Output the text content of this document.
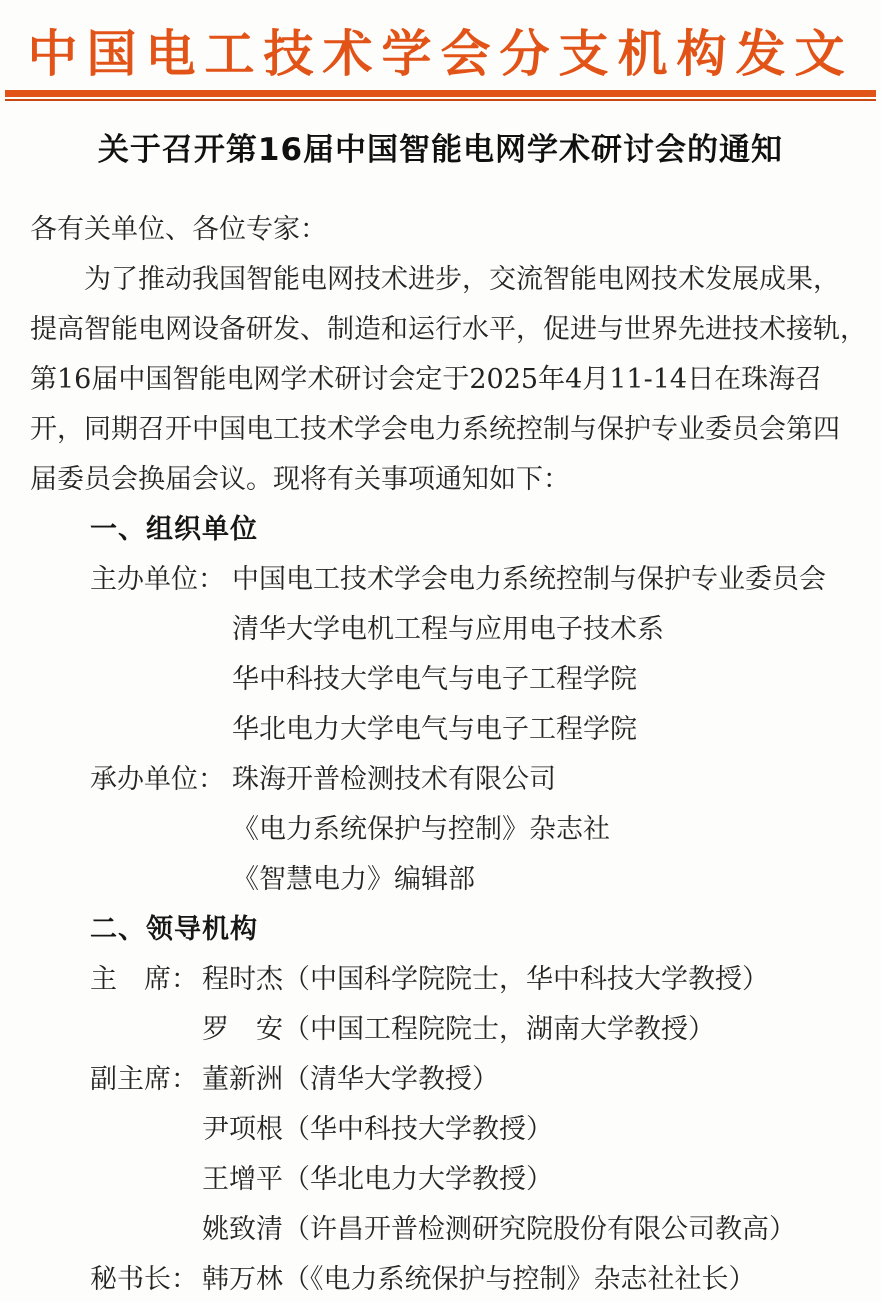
中国电工技术学会分支机构发文
关于召开第16届中国智能电网学术研讨会的通知
各有关单位、各位专家：
为了推动我国智能电网技术进步，交流智能电网技术发展成果，
提高智能电网设备研发、制造和运行水平，促进与世界先进技术接轨，
第16届中国智能电网学术研讨会定于2025年4月11-14日在珠海召
开，同期召开中国电工技术学会电力系统控制与保护专业委员会第四
届委员会换届会议。现将有关事项通知如下：
一、组织单位
主办单位： 中国电工技术学会电力系统控制与保护专业委员会
清华大学电机工程与应用电子技术系
华中科技大学电气与电子工程学院
华北电力大学电气与电子工程学院
承办单位： 珠海开普检测技术有限公司
《电力系统保护与控制》杂志社
《智慧电力》编辑部
二、领导机构
主　席： 程时杰（中国科学院院士，华中科技大学教授）
罗　安（中国工程院院士，湖南大学教授）
副主席： 董新洲（清华大学教授）
尹项根（华中科技大学教授）
王增平（华北电力大学教授）
姚致清（许昌开普检测研究院股份有限公司教高）
秘书长： 韩万林（《电力系统保护与控制》杂志社社长）
